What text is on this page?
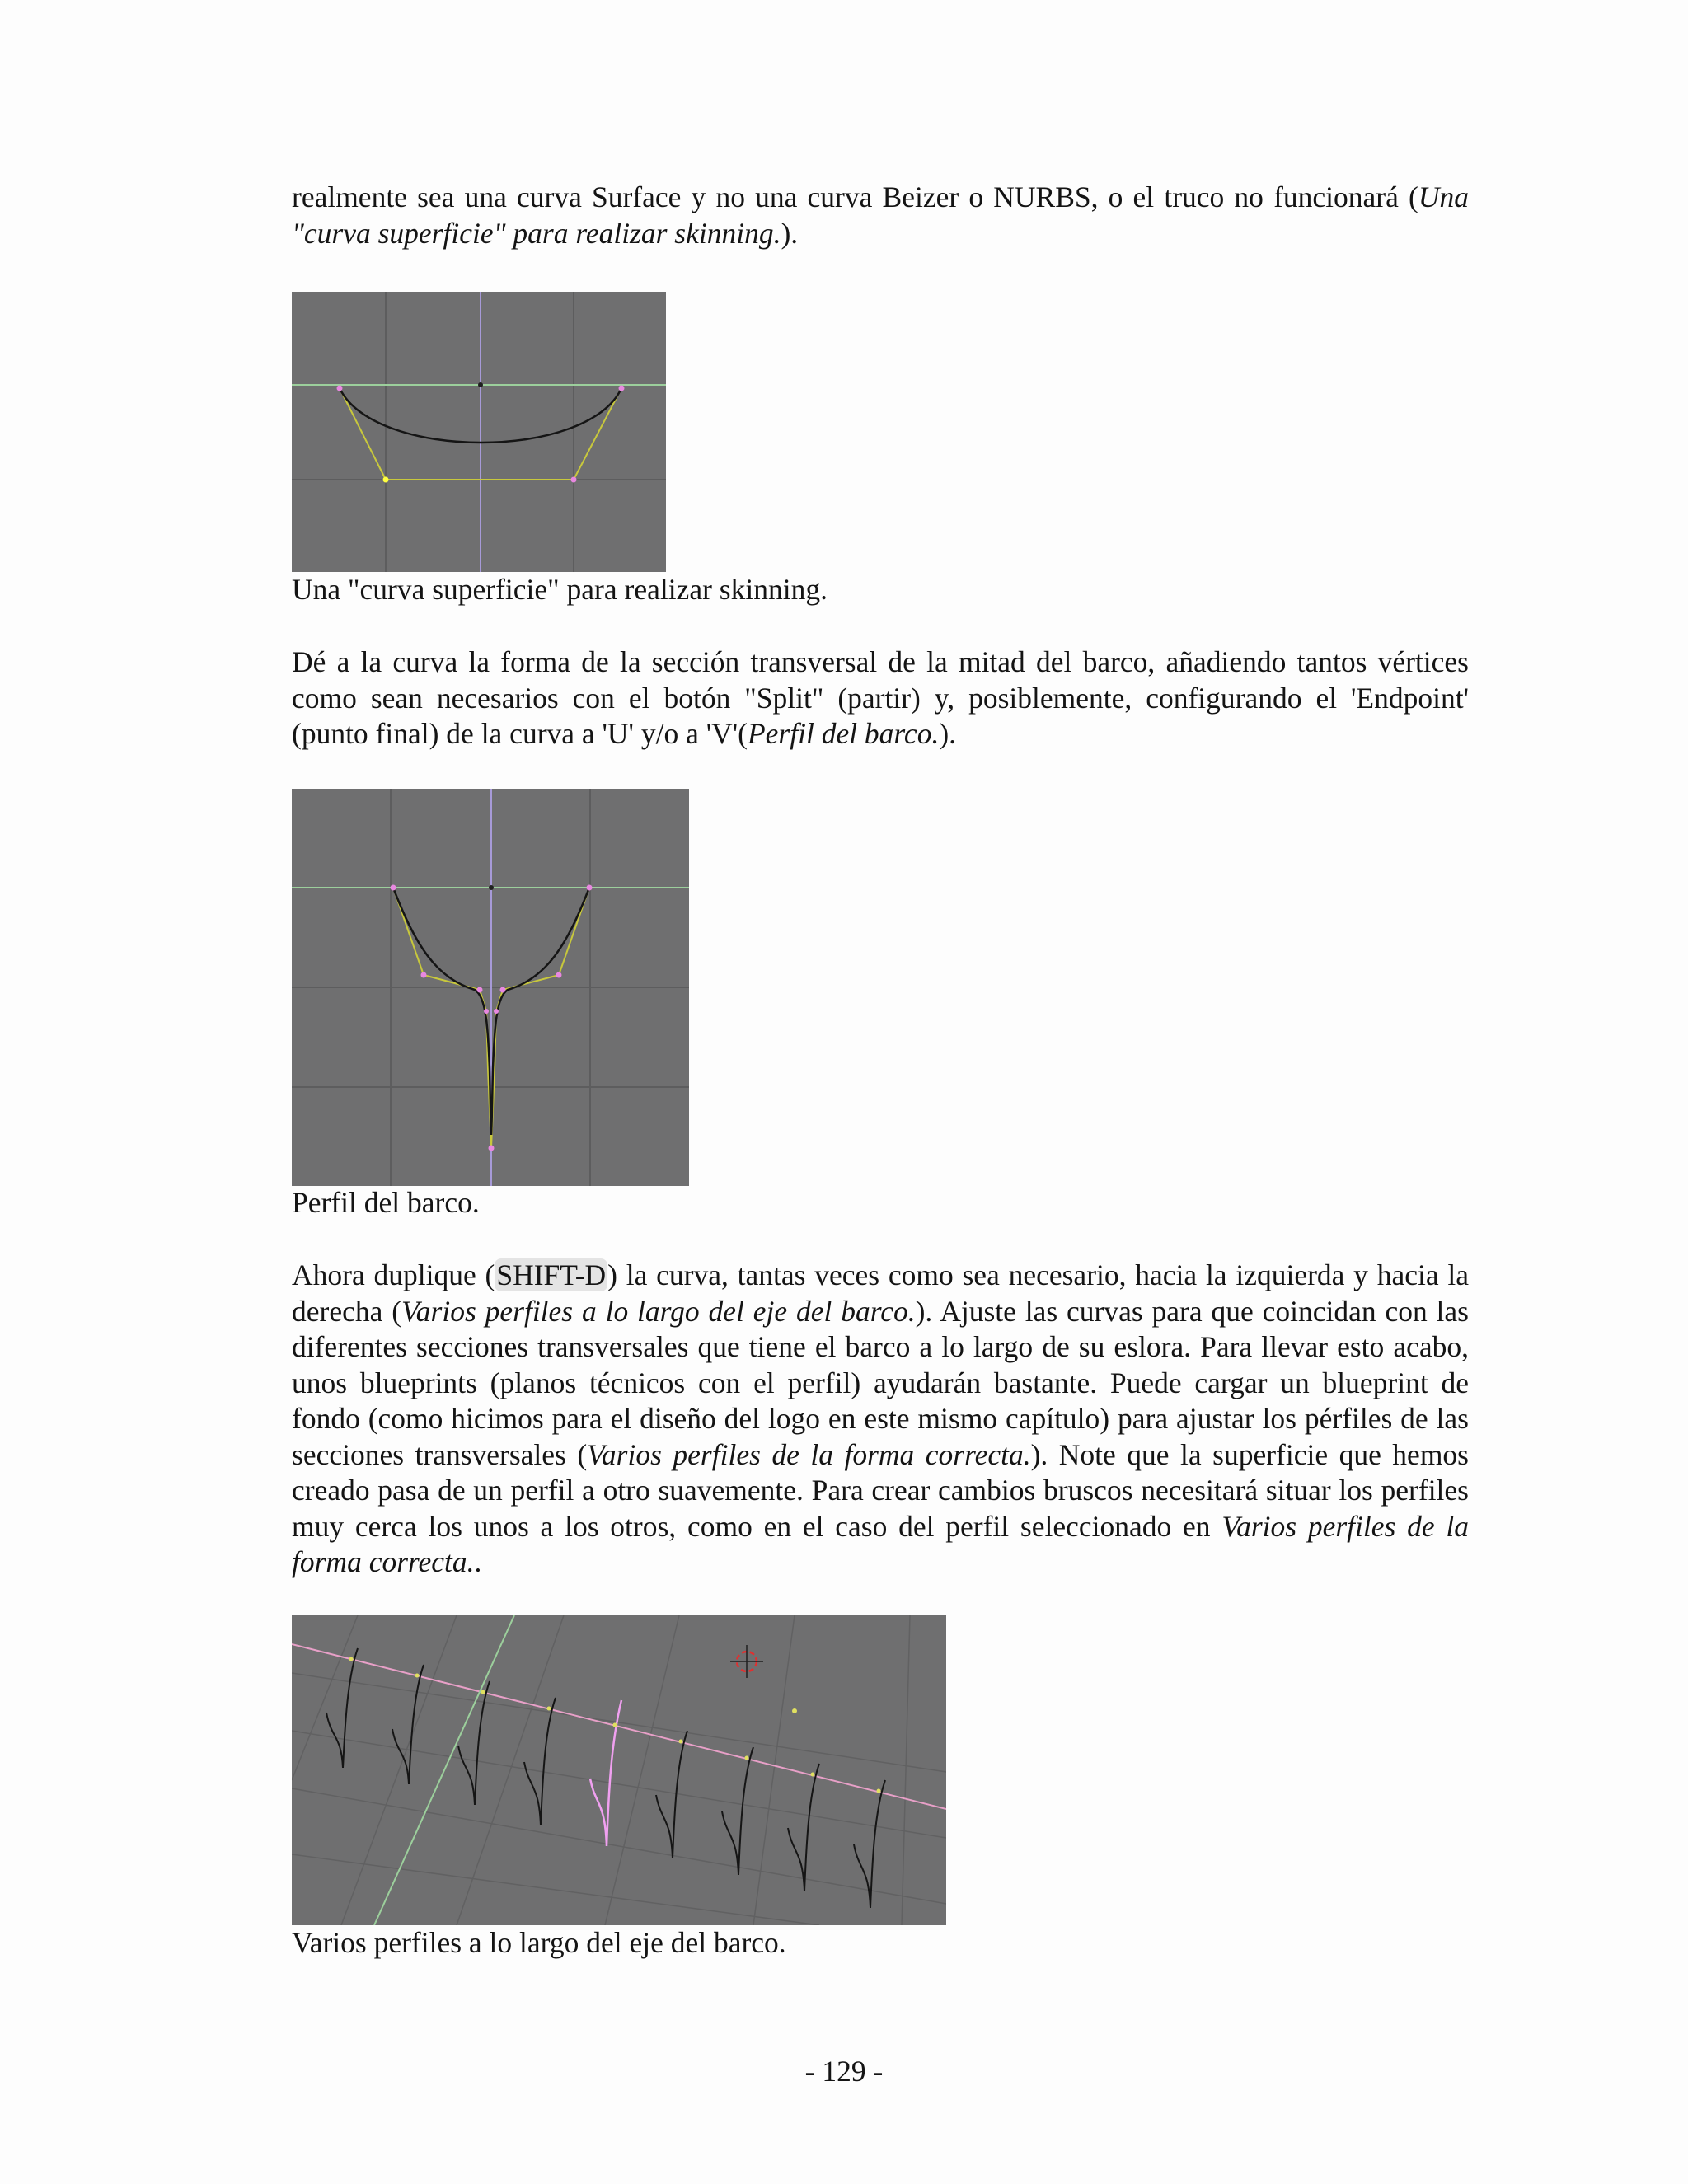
realmente sea una curva Surface y no una curva Beizer o NURBS, o el truco no funcionará (Una "curva superficie" para realizar skinning.).

Una "curva superficie" para realizar skinning.

Dé a la curva la forma de la sección transversal de la mitad del barco, añadiendo tantos vértices como sean necesarios con el botón "Split" (partir) y, posiblemente, configurando el 'Endpoint' (punto final) de la curva a 'U' y/o a 'V'(Perfil del barco.).

Perfil del barco.

Ahora duplique (SHIFT-D) la curva, tantas veces como sea necesario, hacia la izquierda y hacia la derecha (Varios perfiles a lo largo del eje del barco.). Ajuste las curvas para que coincidan con las diferentes secciones transversales que tiene el barco a lo largo de su eslora. Para llevar esto acabo, unos blueprints (planos técnicos con el perfil) ayudarán bastante. Puede cargar un blueprint de fondo (como hicimos para el diseño del logo en este mismo capítulo) para ajustar los pérfiles de las secciones transversales (Varios perfiles de la forma correcta.). Note que la superficie que hemos creado pasa de un perfil a otro suavemente. Para crear cambios bruscos necesitará situar los perfiles muy cerca los unos a los otros, como en el caso del perfil seleccionado en Varios perfiles de la forma correcta..

Varios perfiles a lo largo del eje del barco.

- 129 -
